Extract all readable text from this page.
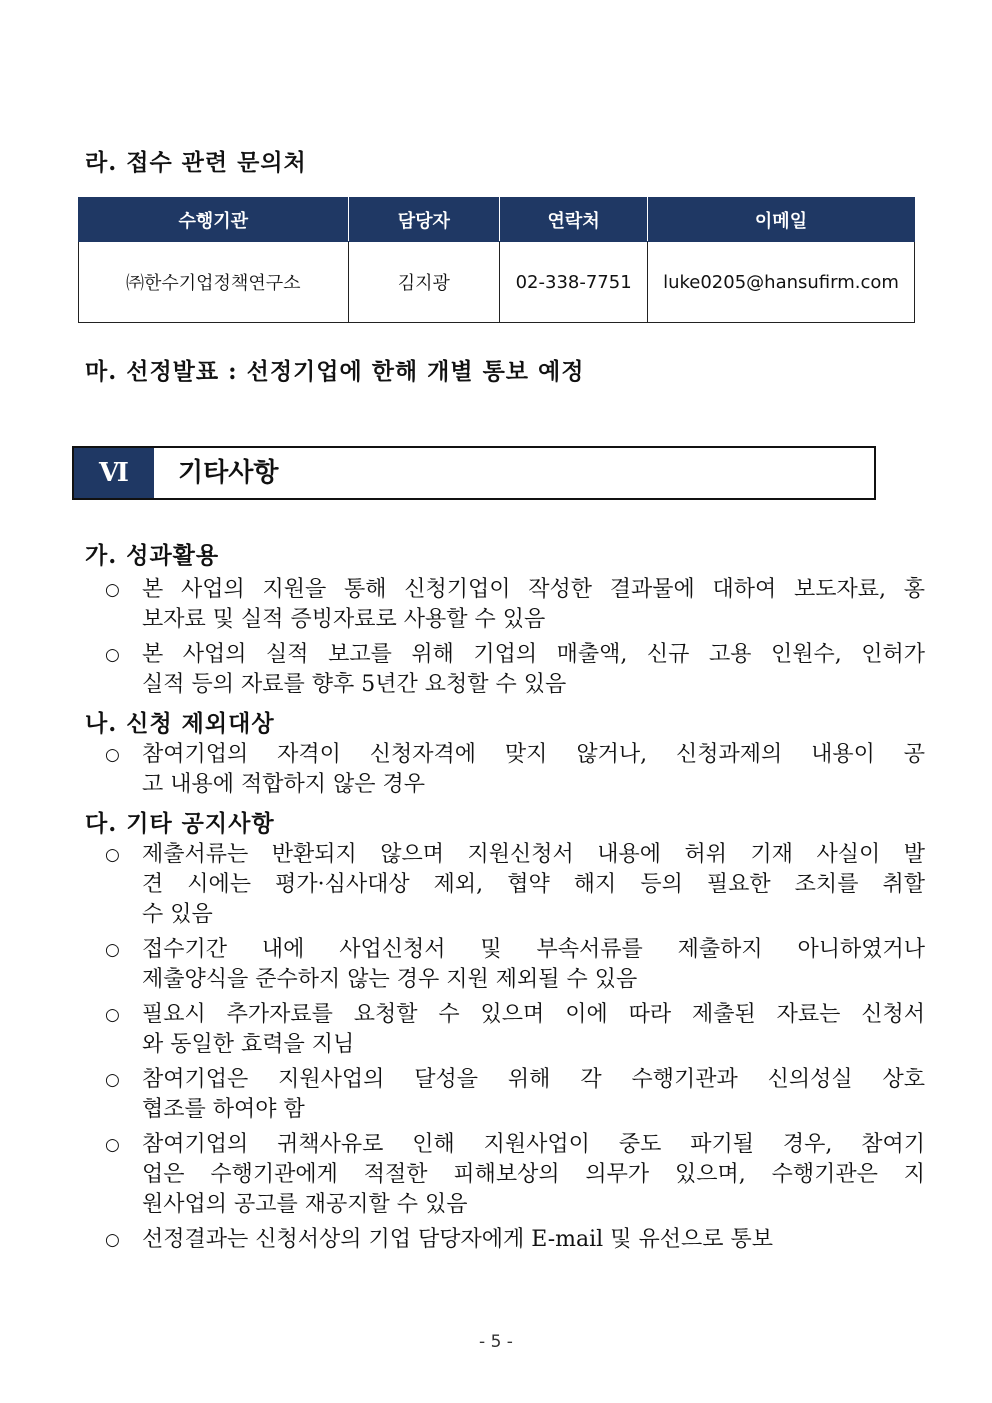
라. 접수 관련 문의처
수행기관	담당자	연락처	이메일
㈜한수기업정책연구소	김지광	02-338-7751	luke0205@hansufirm.com
마. 선정발표 : 선정기업에 한해 개별 통보 예정
Ⅵ	기타사항
가. 성과활용
○ 본 사업의 지원을 통해 신청기업이 작성한 결과물에 대하여 보도자료, 홍
보자료 및 실적 증빙자료로 사용할 수 있음
○ 본 사업의 실적 보고를 위해 기업의 매출액, 신규 고용 인원수, 인허가
실적 등의 자료를 향후 5년간 요청할 수 있음
나. 신청 제외대상
○ 참여기업의 자격이 신청자격에 맞지 않거나, 신청과제의 내용이 공
고 내용에 적합하지 않은 경우
다. 기타 공지사항
○ 제출서류는 반환되지 않으며 지원신청서 내용에 허위 기재 사실이 발
견 시에는 평가·심사대상 제외, 협약 해지 등의 필요한 조치를 취할
수 있음
○ 접수기간 내에 사업신청서 및 부속서류를 제출하지 아니하였거나
제출양식을 준수하지 않는 경우 지원 제외될 수 있음
○ 필요시 추가자료를 요청할 수 있으며 이에 따라 제출된 자료는 신청서
와 동일한 효력을 지님
○ 참여기업은 지원사업의 달성을 위해 각 수행기관과 신의성실 상호
협조를 하여야 함
○ 참여기업의 귀책사유로 인해 지원사업이 중도 파기될 경우, 참여기
업은 수행기관에게 적절한 피해보상의 의무가 있으며, 수행기관은 지
원사업의 공고를 재공지할 수 있음
○ 선정결과는 신청서상의 기업 담당자에게 E-mail 및 유선으로 통보
- 5 -
